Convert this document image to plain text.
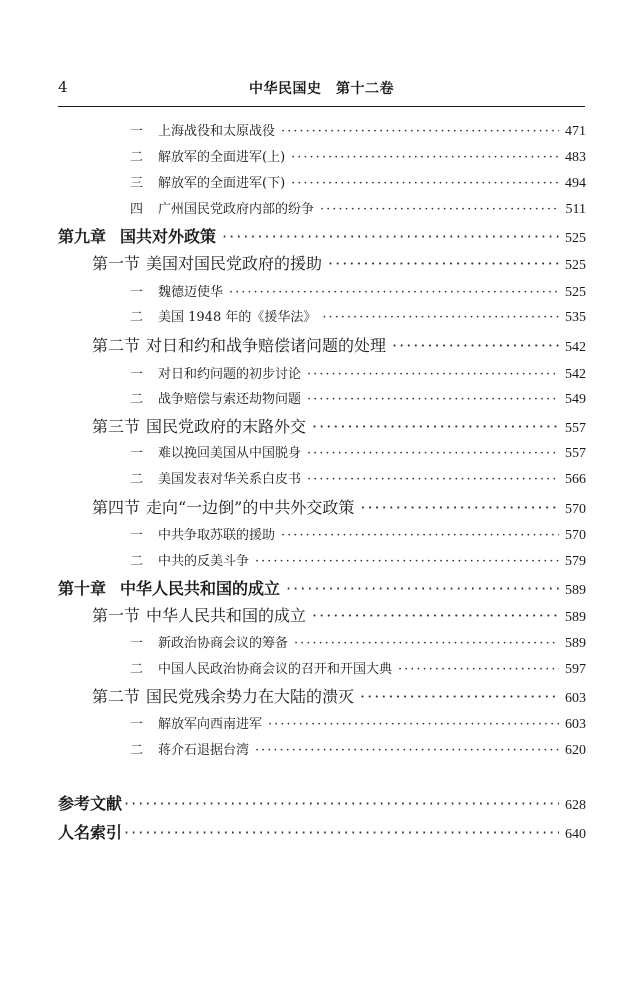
4	中华民国史　第十二卷
一 上海战役和太原战役 ·····	471
二 解放军的全面进军(上) ·····	483
三 解放军的全面进军(下) ·····	494
四 广州国民党政府内部的纷争 ·····	511
第九章 国共对外政策 ·····	525
第一节 美国对国民党政府的援助 ·····	525
一 魏德迈使华 ·····	525
二 美国 1948 年的《援华法》 ·····	535
第二节 对日和约和战争赔偿诸问题的处理 ·····	542
一 对日和约问题的初步讨论 ·····	542
二 战争赔偿与索还劫物问题 ·····	549
第三节 国民党政府的末路外交 ·····	557
一 难以挽回美国从中国脱身 ·····	557
二 美国发表对华关系白皮书 ·····	566
第四节 走向“一边倒”的中共外交政策 ·····	570
一 中共争取苏联的援助 ·····	570
二 中共的反美斗争 ·····	579
第十章 中华人民共和国的成立 ·····	589
第一节 中华人民共和国的成立 ·····	589
一 新政治协商会议的筹备 ·····	589
二 中国人民政治协商会议的召开和开国大典 ·····	597
第二节 国民党残余势力在大陆的溃灭 ·····	603
一 解放军向西南进军 ·····	603
二 蒋介石退据台湾 ·····	620
参考文献 ·····	628
人名索引 ·····	640
